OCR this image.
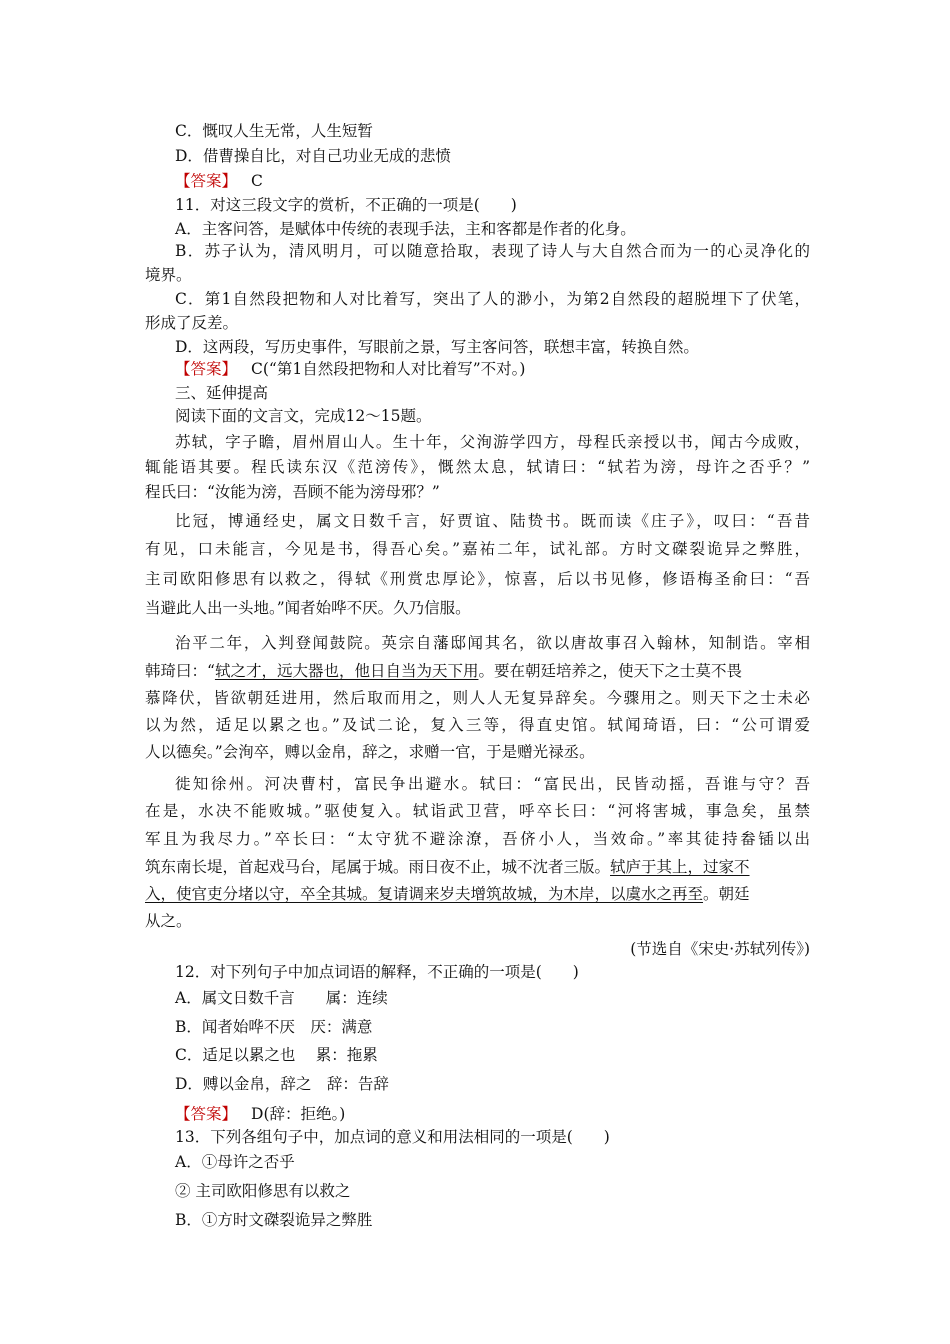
C．慨叹人生无常，人生短暂
D．借曹操自比，对自己功业无成的悲愤
【答案】 C
11．对这三段文字的赏析，不正确的一项是(　　)
A．主客问答，是赋体中传统的表现手法，主和客都是作者的化身。
B．苏子认为，清风明月，可以随意拾取，表现了诗人与大自然合而为一的心灵净化的
境界。
C．第1自然段把物和人对比着写，突出了人的渺小，为第2自然段的超脱埋下了伏笔，
形成了反差。
D．这两段，写历史事件，写眼前之景，写主客问答，联想丰富，转换自然。
【答案】 C(“第1自然段把物和人对比着写”不对。)
三、延伸提高
阅读下面的文言文，完成12～15题。
苏轼，字子瞻，眉州眉山人。生十年，父洵游学四方，母程氏亲授以书，闻古今成败，
辄能语其要。程氏读东汉《范滂传》，慨然太息，轼请曰：“轼若为滂，母许之否乎？”
程氏曰：“汝能为滂，吾顾不能为滂母邪？”
比冠，博通经史，属文日数千言，好贾谊、陆贽书。既而读《庄子》，叹曰：“吾昔
有见，口未能言，今见是书，得吾心矣。”嘉祐二年，试礼部。方时文磔裂诡异之弊胜，
主司欧阳修思有以救之，得轼《刑赏忠厚论》，惊喜，后以书见修，修语梅圣俞曰：“吾
当避此人出一头地。”闻者始哗不厌。久乃信服。
治平二年，入判登闻鼓院。英宗自藩邸闻其名，欲以唐故事召入翰林，知制诰。宰相
韩琦曰：“轼之才，远大器也，他日自当为天下用。要在朝廷培养之，使天下之士莫不畏
慕降伏，皆欲朝廷进用，然后取而用之，则人人无复异辞矣。今骤用之。则天下之士未必
以为然，适足以累之也。”及试二论，复入三等，得直史馆。轼闻琦语，曰：“公可谓爱
人以德矣。”会洵卒，赙以金帛，辞之，求赠一官，于是赠光禄丞。
徙知徐州。河决曹村，富民争出避水。轼曰：“富民出，民皆动摇，吾谁与守？吾
在是，水决不能败城。”驱使复入。轼诣武卫营，呼卒长曰：“河将害城，事急矣，虽禁
军且为我尽力。”卒长曰：“太守犹不避涂潦，吾侪小人，当效命。”率其徒持畚锸以出
筑东南长堤，首起戏马台，尾属于城。雨日夜不止，城不沈者三版。轼庐于其上，过家不
入，使官吏分堵以守，卒全其城。复请调来岁夫增筑故城，为木岸，以虞水之再至。朝廷
从之。
(节选自《宋史·苏轼列传》)
12．对下列句子中加点词语的解释，不正确的一项是(　　)
A．属文日数千言　　属：连续
B．闻者始哗不厌　厌：满意
C．适足以累之也　 累：拖累
D．赙以金帛，辞之　辞：告辞
【答案】 D(辞：拒绝。)
13．下列各组句子中，加点词的意义和用法相同的一项是(　　)
A．①母许之否乎
② 主司欧阳修思有以救之
B．①方时文磔裂诡异之弊胜
